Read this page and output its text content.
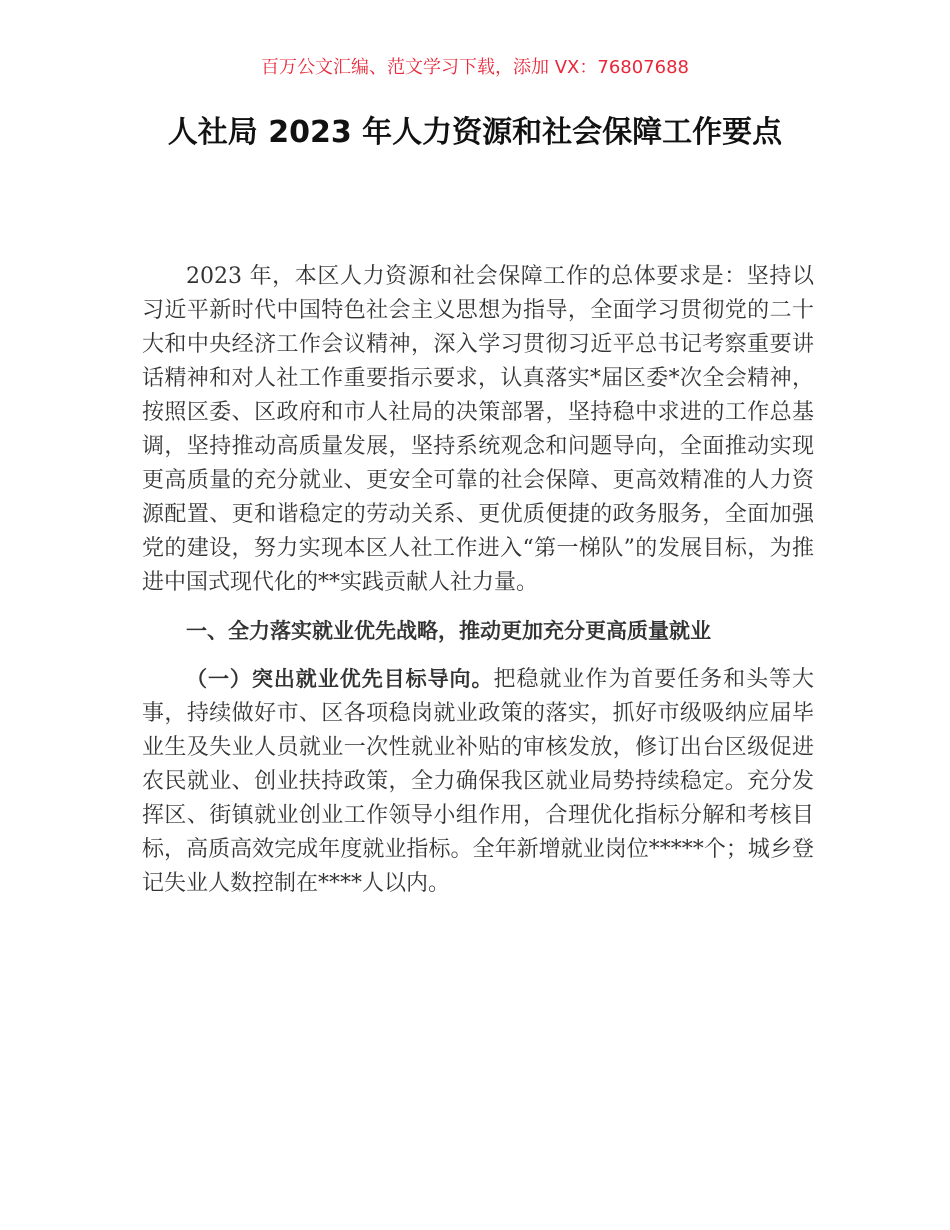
百万公文汇编、范文学习下载，添加 VX：76807688
人社局 2023 年人力资源和社会保障工作要点

2023 年，本区人力资源和社会保障工作的总体要求是：坚持以习近平新时代中国特色社会主义思想为指导，全面学习贯彻党的二十大和中央经济工作会议精神，深入学习贯彻习近平总书记考察重要讲话精神和对人社工作重要指示要求，认真落实*届区委*次全会精神，按照区委、区政府和市人社局的决策部署，坚持稳中求进的工作总基调，坚持推动高质量发展，坚持系统观念和问题导向，全面推动实现更高质量的充分就业、更安全可靠的社会保障、更高效精准的人力资源配置、更和谐稳定的劳动关系、更优质便捷的政务服务，全面加强党的建设，努力实现本区人社工作进入“第一梯队”的发展目标，为推进中国式现代化的**实践贡献人社力量。

一、全力落实就业优先战略，推动更加充分更高质量就业

（一）突出就业优先目标导向。把稳就业作为首要任务和头等大事，持续做好市、区各项稳岗就业政策的落实，抓好市级吸纳应届毕业生及失业人员就业一次性就业补贴的审核发放，修订出台区级促进农民就业、创业扶持政策，全力确保我区就业局势持续稳定。充分发挥区、街镇就业创业工作领导小组作用，合理优化指标分解和考核目标，高质高效完成年度就业指标。全年新增就业岗位*****个；城乡登记失业人数控制在****人以内。
